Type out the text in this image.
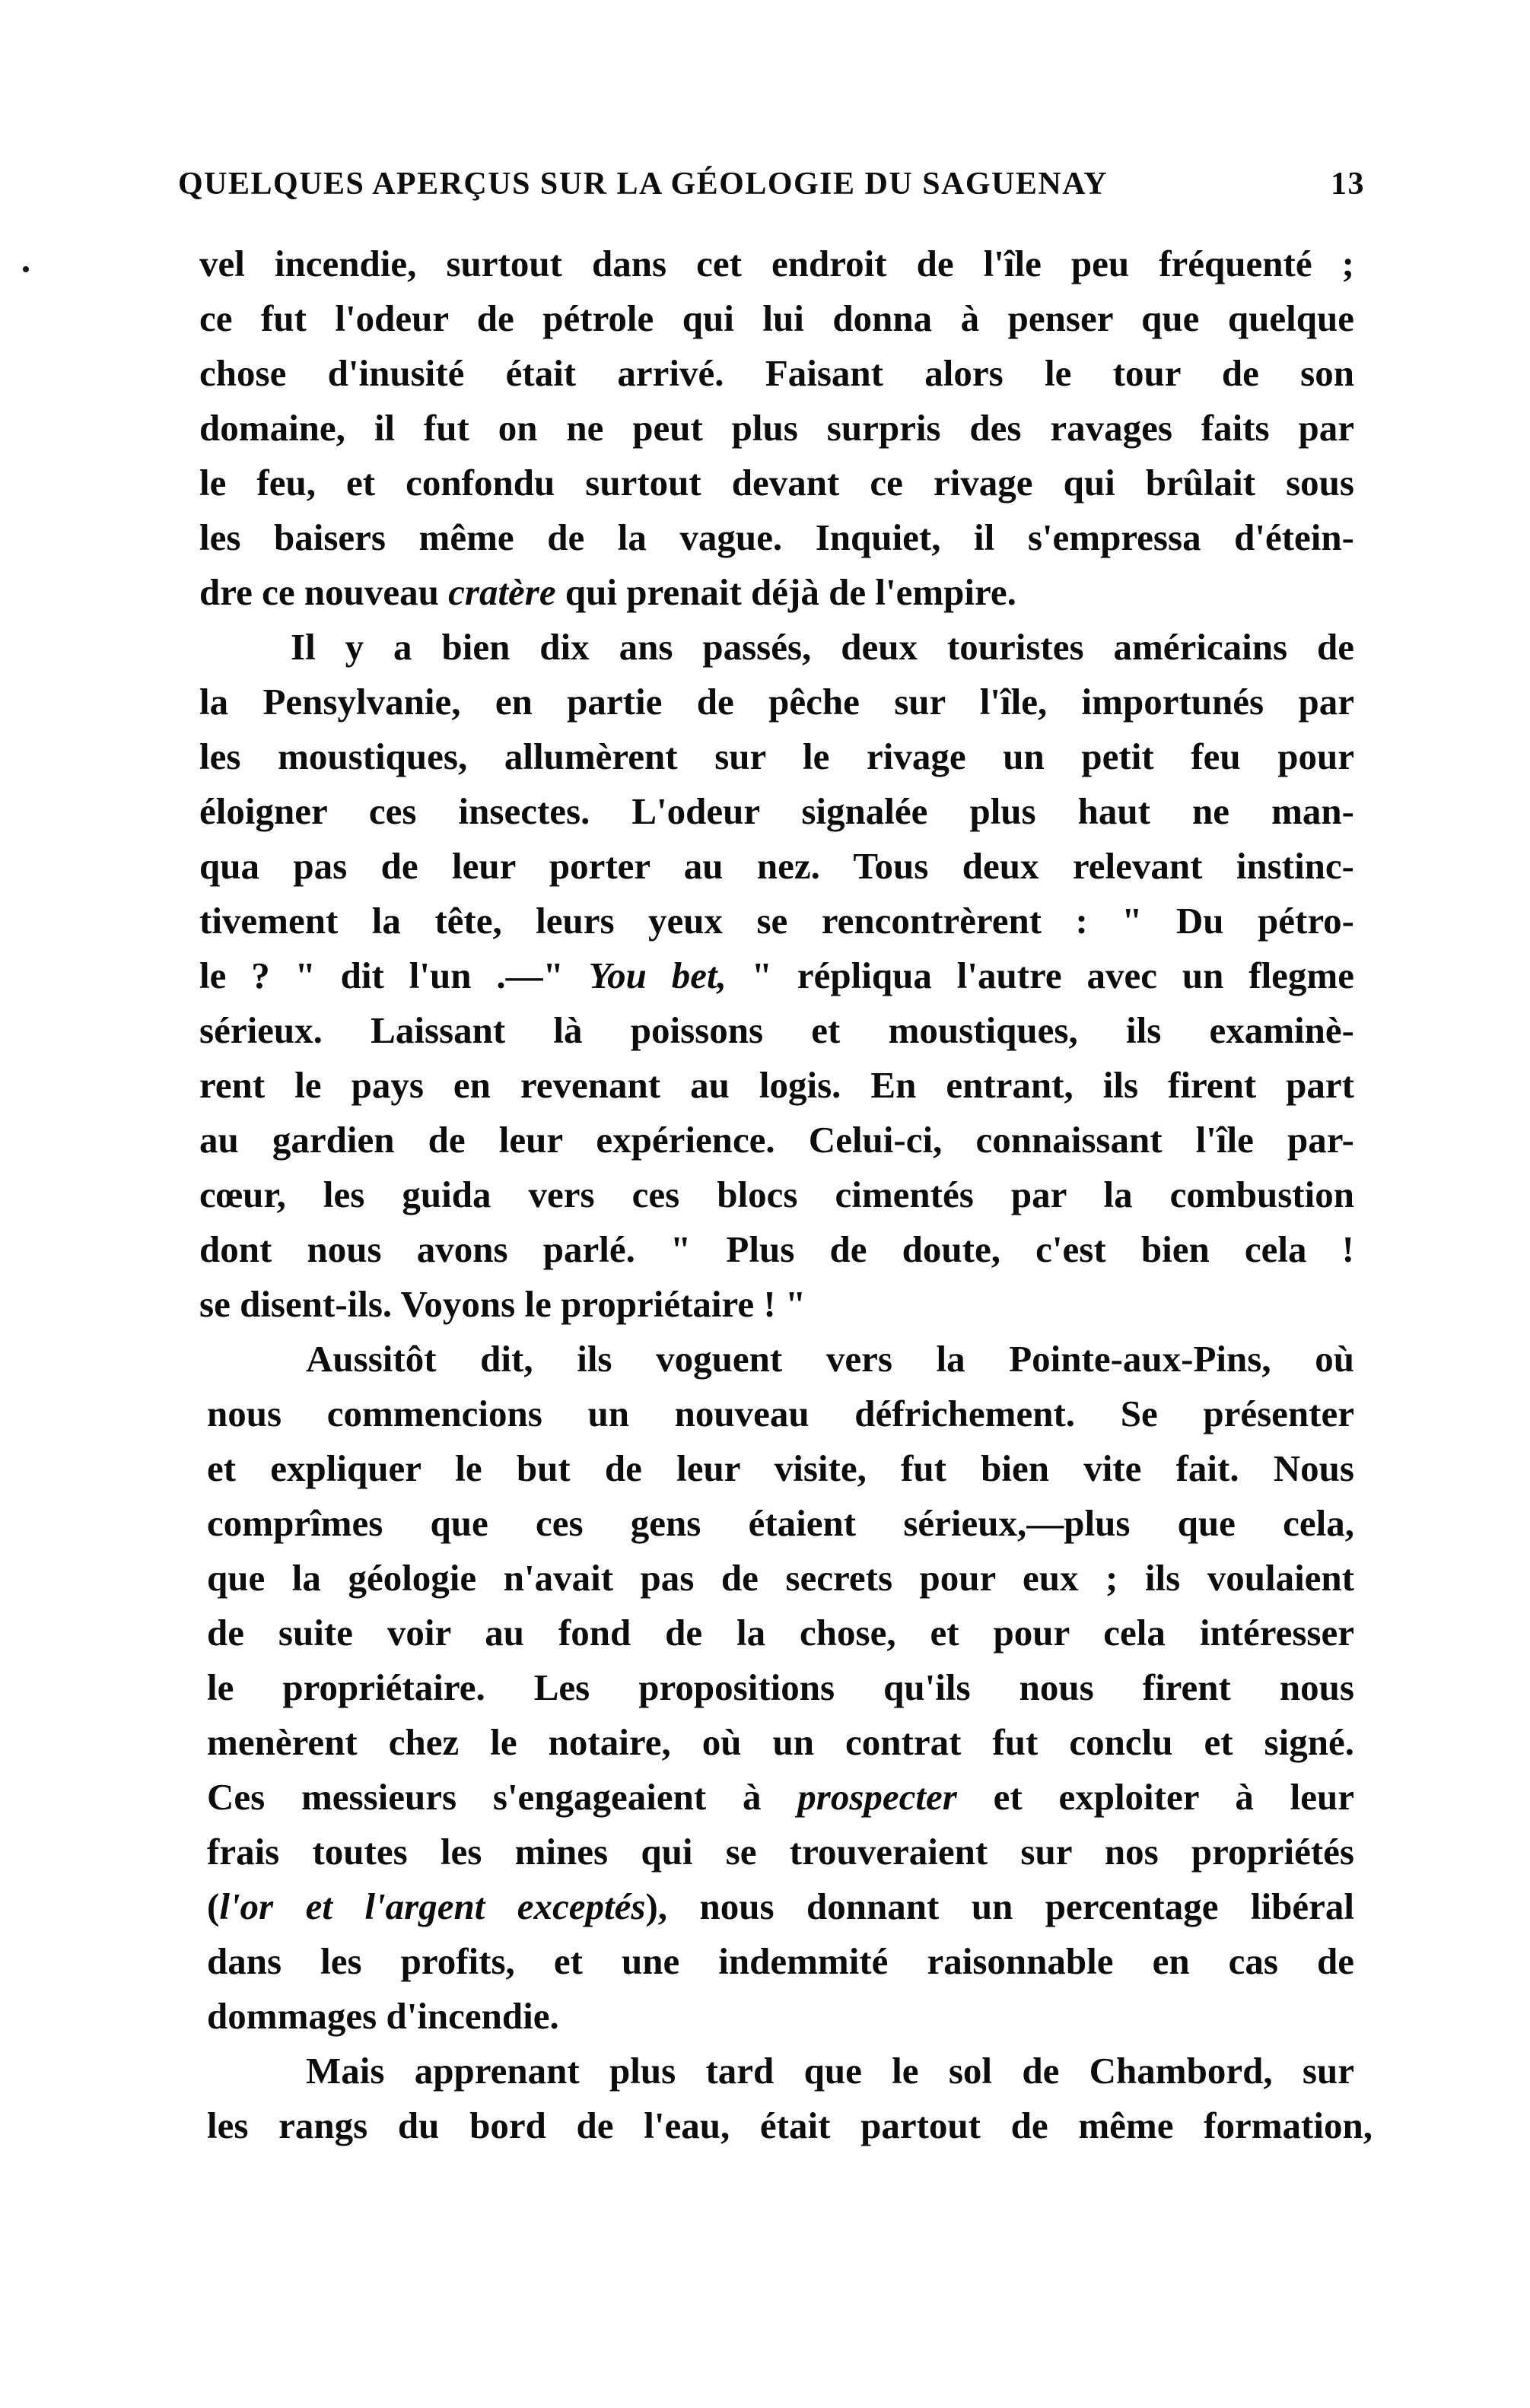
QUELQUES APERÇUS SUR LA GÉOLOGIE DU SAGUENAY	13
vel incendie, surtout dans cet endroit de l'île peu fréquenté ;
ce fut l'odeur de pétrole qui lui donna à penser que quelque
chose d'inusité était arrivé. Faisant alors le tour de son
domaine, il fut on ne peut plus surpris des ravages faits par
le feu, et confondu surtout devant ce rivage qui brûlait sous
les baisers même de la vague. Inquiet, il s'empressa d'étein-
dre ce nouveau cratère qui prenait déjà de l'empire.
Il y a bien dix ans passés, deux touristes américains de
la Pensylvanie, en partie de pêche sur l'île, importunés par
les moustiques, allumèrent sur le rivage un petit feu pour
éloigner ces insectes. L'odeur signalée plus haut ne man-
qua pas de leur porter au nez. Tous deux relevant instinc-
tivement la tête, leurs yeux se rencontrèrent : " Du pétro-
le ? " dit l'un .—" You bet, " répliqua l'autre avec un flegme
sérieux. Laissant là poissons et moustiques, ils examinè-
rent le pays en revenant au logis. En entrant, ils firent part
au gardien de leur expérience. Celui-ci, connaissant l'île par-
cœur, les guida vers ces blocs cimentés par la combustion
dont nous avons parlé. " Plus de doute, c'est bien cela !
se disent-ils. Voyons le propriétaire ! "
Aussitôt dit, ils voguent vers la Pointe-aux-Pins, où
nous commencions un nouveau défrichement. Se présenter
et expliquer le but de leur visite, fut bien vite fait. Nous
comprîmes que ces gens étaient sérieux,—plus que cela,
que la géologie n'avait pas de secrets pour eux ; ils voulaient
de suite voir au fond de la chose, et pour cela intéresser
le propriétaire. Les propositions qu'ils nous firent nous
menèrent chez le notaire, où un contrat fut conclu et signé.
Ces messieurs s'engageaient à prospecter et exploiter à leur
frais toutes les mines qui se trouveraient sur nos propriétés
(l'or et l'argent exceptés), nous donnant un percentage libéral
dans les profits, et une indemmité raisonnable en cas de
dommages d'incendie.
Mais apprenant plus tard que le sol de Chambord, sur
les rangs du bord de l'eau, était partout de même formation,
